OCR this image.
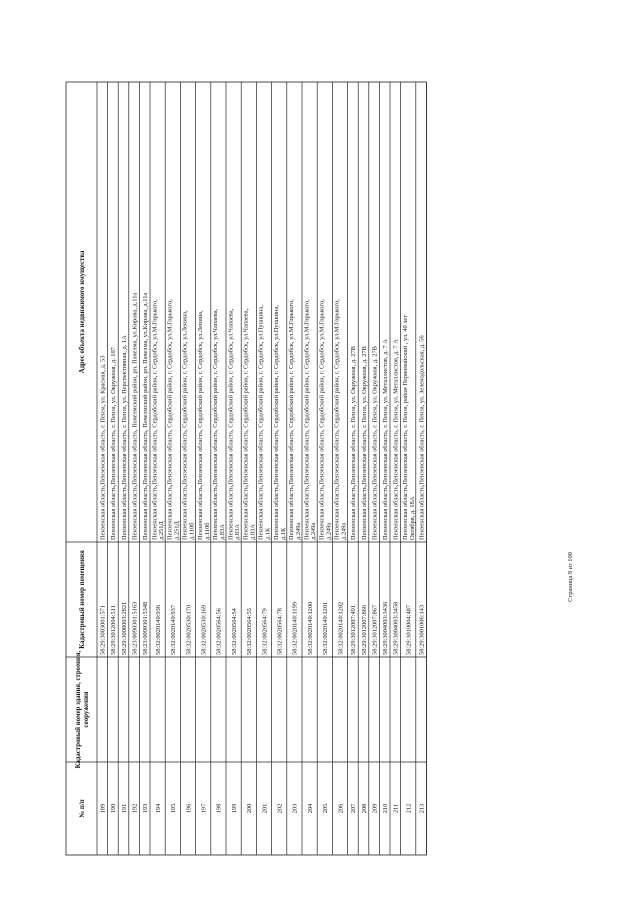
№ п/п
Кадастровый номер здания, строения, сооружения
Кадастровый номер помещения
Адрес объекта недвижимого имущества
189
58:29:3003001:571
Пензенская область,Пензенская область, г. Пенза, ул. Красная, д. 53
190
58:29:3012004:511
Пензенская область,Пензенская область, г. Пенза, ул. Окружная, д. 107
191
58:29:3008003:2821
Пензенская область,Пензенская область, г. Пенза, ул. Перспективная, д. 1А
192
58:23:0090301:5163
Пензенская область,Пензенская область, Пачелмский район, рп. Пачелма, ул.Кирова, д.11а
193
58:23:0090301:5348
Пензенская область,Пензенская область, Пачелмский район, рп. Пачелма, ул.Кирова, д.11а
194
58:32:0020140:936
Пензенская область,Пензенская область, Сердобский район, г. Сердобск, ул.М.Горького, д.251Д
195
58:32:0020140:937
Пензенская область,Пензенская область, Сердобский район, г. Сердобск, ул.М.Горького, д.251Д
196
58:32:0020530:170
Пензенская область,Пензенская область, Сердобский район, г. Сердобск, ул.Ленина, д.110б
197
58:32:0020530:169
Пензенская область,Пензенская область, Сердобский район, г. Сердобск, ул.Ленина, д.110б
198
58:32:0020564:56
Пензенская область,Пензенская область, Сердобский район, г. Сердобск, ул.Чапаева, д.83А
199
58:32:0020564:54
Пензенская область,Пензенская область, Сердобский район, г. Сердобск, ул.Чапаева, д.83А
200
58:32:0020564:55
Пензенская область,Пензенская область, Сердобский район, г. Сердобск, ул.Чапаева, д.83А
201
58:32:0020564:79
Пензенская область,Пензенская область, Сердобский район, г. Сердобск, ул.Пушкина, д.1К
202
58:32:0020564:78
Пензенская область,Пензенская область, Сердобский район, г. Сердобск, ул.Пушкина, д.1К
203
58:32:0020140:1199
Пензенская область,Пензенская область, Сердобский район, г. Сердобск, ул.М.Горького, д.249а
204
58:32:0020140:1200
Пензенская область,Пензенская область, Сердобский район, г. Сердобск, ул.М.Горького, д.249а
205
58:32:0020140:1201
Пензенская область,Пензенская область, Сердобский район, г. Сердобск, ул.М.Горького, д.249а
206
58:32:0020140:1202
Пензенская область,Пензенская область, Сердобский район, г. Сердобск, ул.М.Горького, д.249а
207
58:29:3012007:491
Пензенская область,Пензенская область, г. Пенза, ул. Окружная, д. 27В
208
58:29:3012007:866
Пензенская область,Пензенская область, г. Пенза, ул. Окружная, д. 27В
209
58:29:3012007:867
Пензенская область,Пензенская область, г. Пенза, ул. Окружная, д. 27В
210
58:29:3004003:3436
Пензенская область,Пензенская область, г. Пенза, ул. Металлистов, д. 7 А
211
58:29:3004003:3458
Пензенская область,Пензенская область, г. Пенза, ул. Металлистов, д. 7 А
212
58:29:3010004:487
Пензенская область,Пензенская область, г. Пенза, район Первомайский , ул. 40 лет Октября, д. 18А
213
58:29:3001006:143
Пензенская область,Пензенская область, г. Пенза, ул. Зеленодольская, д. 56
Страница 8 из 100
